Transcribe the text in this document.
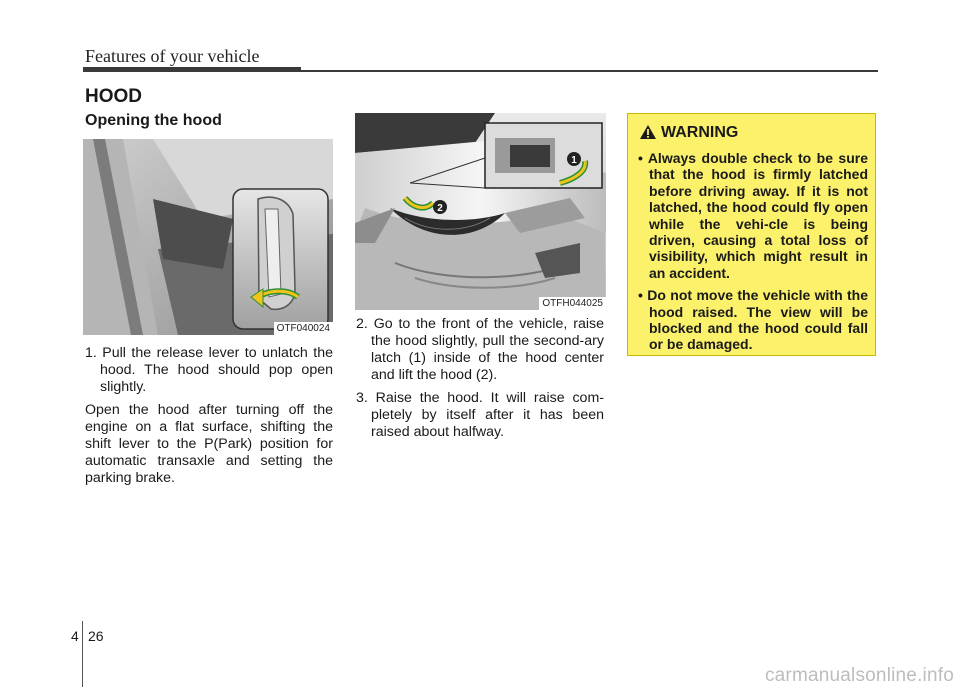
Features of your vehicle
HOOD
Opening the hood
OTF040024
1
2
OTFH044025

1. Pull the release lever to unlatch the hood. The hood should pop open slightly.

Open the hood after turning off the engine on a flat surface, shifting the shift lever to the P(Park) position for automatic transaxle and setting the parking brake.

2. Go to the front of the vehicle, raise the hood slightly, pull the second-ary latch (1) inside of the hood center and lift the hood (2).

3. Raise the hood. It will raise com-pletely by itself after it has been raised about halfway.

WARNING

• Always double check to be sure that the hood is firmly latched before driving away. If it is not latched, the hood could fly open while the vehi-cle is being driven, causing a total loss of visibility, which might result in an accident.

• Do not move the vehicle with the hood raised. The view will be blocked and the hood could fall or be damaged.

4 26
carmanualsonline.info
